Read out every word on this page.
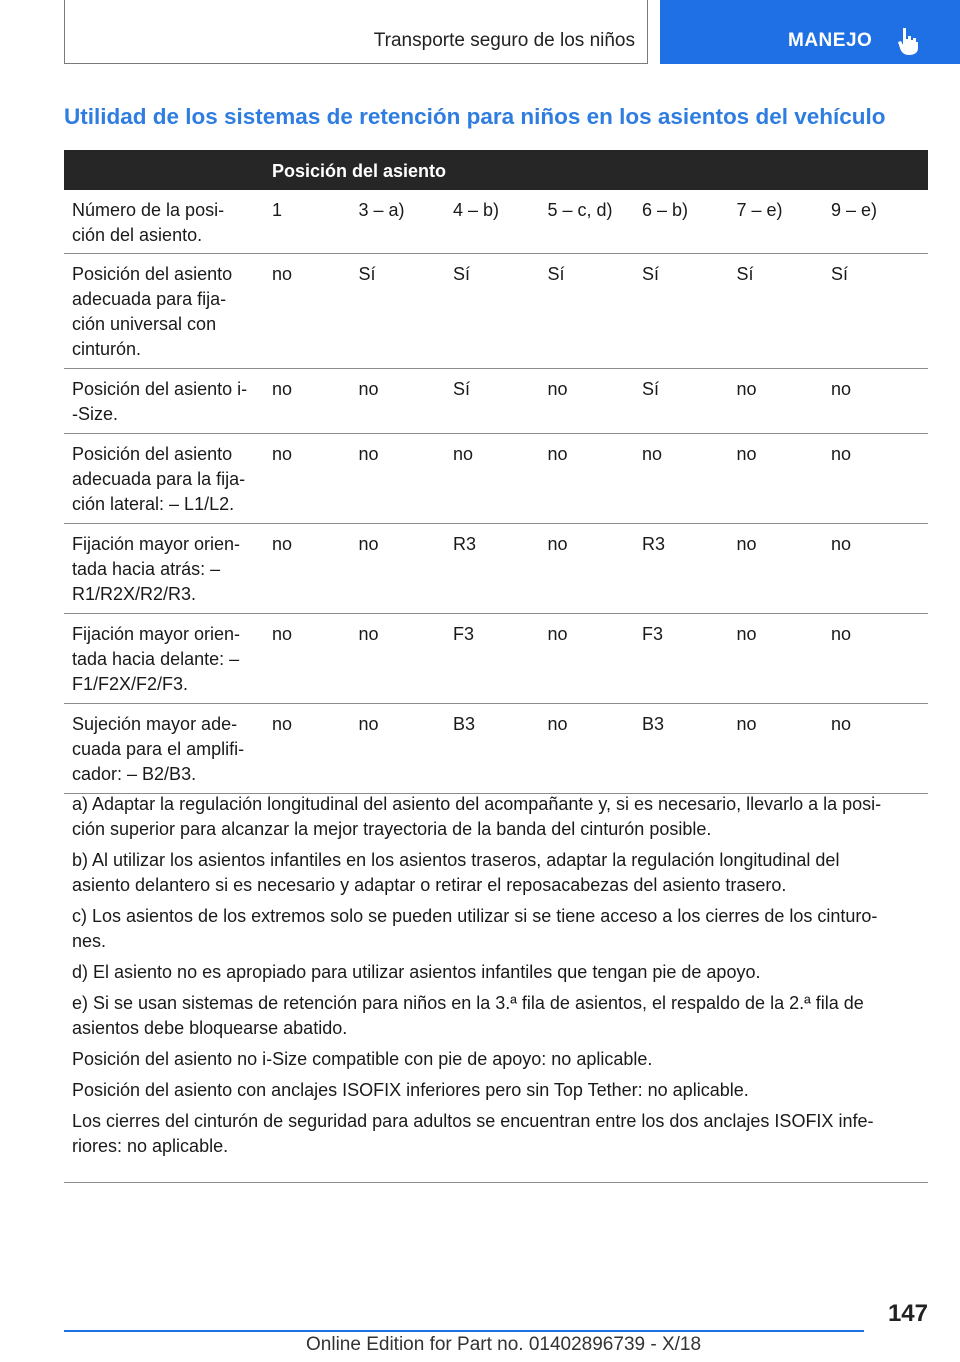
Transporte seguro de los niños	MANEJO
Utilidad de los sistemas de retención para niños en los asientos del vehículo
Posición del asiento
Número de la posi-
ción del asiento.
1	3 – a)	4 – b)	5 – c, d)	6 – b)	7 – e)	9 – e)
Posición del asiento
adecuada para fija-
ción universal con
cinturón.
no	Sí	Sí	Sí	Sí	Sí	Sí
Posición del asiento i-
-Size.
no	no	Sí	no	Sí	no	no
Posición del asiento
adecuada para la fija-
ción lateral: – L1/L2.
no	no	no	no	no	no	no
Fijación mayor orien-
tada hacia atrás: –
R1/R2X/R2/R3.
no	no	R3	no	R3	no	no
Fijación mayor orien-
tada hacia delante: –
F1/F2X/F2/F3.
no	no	F3	no	F3	no	no
Sujeción mayor ade-
cuada para el amplifi-
cador: – B2/B3.
no	no	B3	no	B3	no	no

a) Adaptar la regulación longitudinal del asiento del acompañante y, si es necesario, llevarlo a la posi-
ción superior para alcanzar la mejor trayectoria de la banda del cinturón posible.

b) Al utilizar los asientos infantiles en los asientos traseros, adaptar la regulación longitudinal del
asiento delantero si es necesario y adaptar o retirar el reposacabezas del asiento trasero.

c) Los asientos de los extremos solo se pueden utilizar si se tiene acceso a los cierres de los cinturo-
nes.

d) El asiento no es apropiado para utilizar asientos infantiles que tengan pie de apoyo.

e) Si se usan sistemas de retención para niños en la 3.ª fila de asientos, el respaldo de la 2.ª fila de
asientos debe bloquearse abatido.

Posición del asiento no i-Size compatible con pie de apoyo: no aplicable.

Posición del asiento con anclajes ISOFIX inferiores pero sin Top Tether: no aplicable.

Los cierres del cinturón de seguridad para adultos se encuentran entre los dos anclajes ISOFIX infe-
riores: no aplicable.

147
Online Edition for Part no. 01402896739 - X/18
